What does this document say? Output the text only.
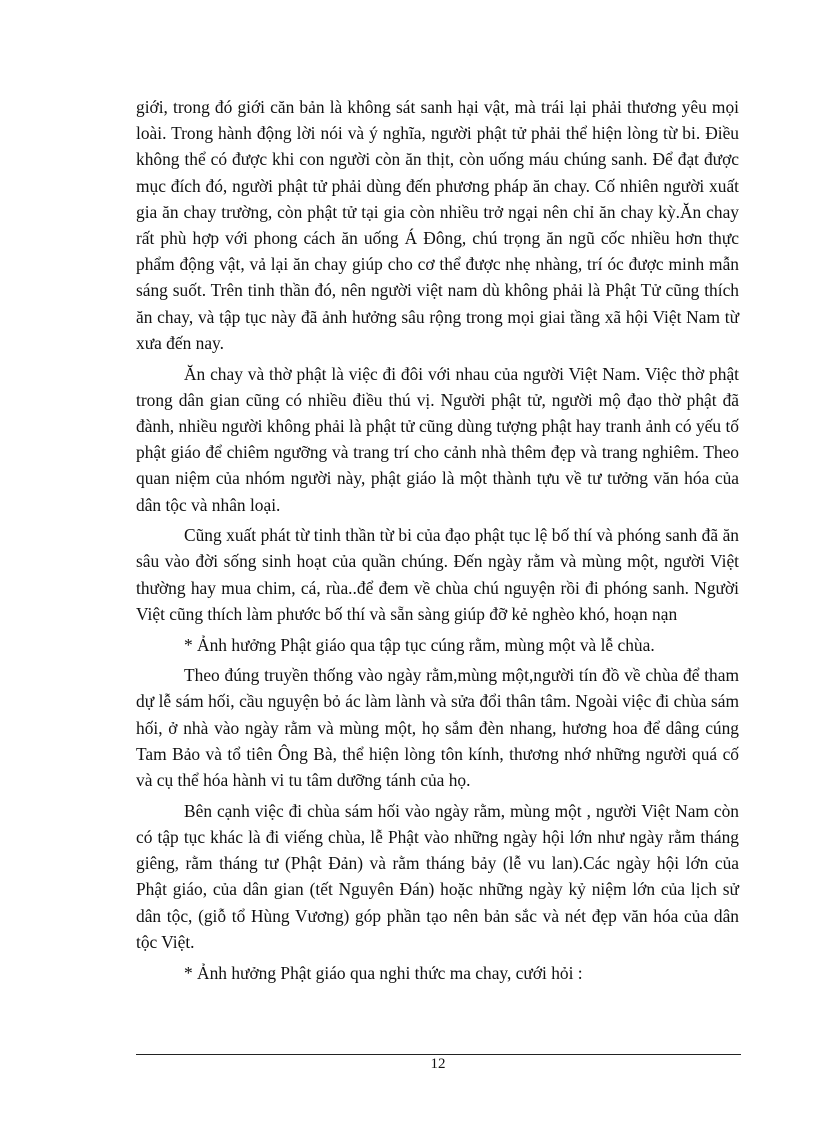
giới, trong đó giới căn bản là không sát sanh hại vật, mà trái lại phải thương yêu mọi loài. Trong hành động lời nói và ý nghĩa, người phật tử phải thể hiện lòng từ bi. Điều không thể có được khi con người còn ăn thịt, còn uống máu chúng sanh. Để đạt được mục đích đó, người phật tử phải dùng đến phương pháp ăn chay. Cố nhiên người xuất gia ăn chay trường, còn phật tử tại gia còn nhiều trở ngại nên chỉ ăn chay kỳ.Ăn chay rất phù hợp với phong cách ăn uống Á Đông, chú trọng ăn ngũ cốc nhiều hơn thực phẩm động vật, vả lại ăn chay giúp cho cơ thể được nhẹ nhàng, trí óc được minh mẫn sáng suốt. Trên tinh thần đó, nên người việt nam dù không phải là Phật Tử cũng thích ăn chay, và tập tục này đã ảnh hưởng sâu rộng trong mọi giai tầng xã hội Việt Nam từ xưa đến nay.

Ăn chay và thờ phật là việc đi đôi với nhau của người Việt Nam. Việc thờ phật trong dân gian cũng có nhiều điều thú vị. Người phật tử, người mộ đạo thờ phật đã đành, nhiều người không phải là phật tử cũng dùng tượng phật hay tranh ảnh có yếu tố phật giáo để chiêm ngưỡng và trang trí cho cảnh nhà thêm đẹp và trang nghiêm. Theo quan niệm của nhóm người này, phật giáo là một thành tựu về tư tưởng văn hóa của dân tộc và nhân loại.

Cũng xuất phát từ tinh thần từ bi của đạo phật tục lệ bố thí và phóng sanh đã ăn sâu vào đời sống sinh hoạt của quần chúng. Đến ngày rằm và mùng một, người Việt thường hay mua chim, cá, rùa..để đem về chùa chú nguyện rồi đi phóng sanh. Người Việt cũng thích làm phước bố thí và sẵn sàng giúp đỡ kẻ nghèo khó, hoạn nạn

* Ảnh hưởng Phật giáo qua tập tục cúng rằm, mùng một và lễ chùa.

Theo đúng truyền thống vào ngày rằm,mùng một,người tín đồ về chùa để tham dự lễ sám hối, cầu nguyện bỏ ác làm lành và sửa đổi thân tâm. Ngoài việc đi chùa sám hối, ở nhà vào ngày rằm và mùng một, họ sắm đèn nhang, hương hoa để dâng cúng Tam Bảo và tổ tiên Ông Bà, thể hiện lòng tôn kính, thương nhớ những người quá cố và cụ thể hóa hành vi tu tâm dưỡng tánh của họ.

Bên cạnh việc đi chùa sám hối vào ngày rằm, mùng một , người Việt Nam còn có tập tục khác là đi viếng chùa, lễ Phật vào những ngày hội lớn như ngày rằm tháng giêng, rằm tháng tư (Phật Đản) và rằm tháng bảy (lễ vu lan).Các ngày hội lớn của Phật giáo, của dân gian (tết Nguyên Đán) hoặc những ngày kỷ niệm lớn của lịch sử dân tộc, (giỗ tổ Hùng Vương) góp phần tạo nên bản sắc và nét đẹp văn hóa của dân tộc Việt.

* Ảnh hưởng Phật giáo qua nghi thức ma chay, cưới hỏi :

12
